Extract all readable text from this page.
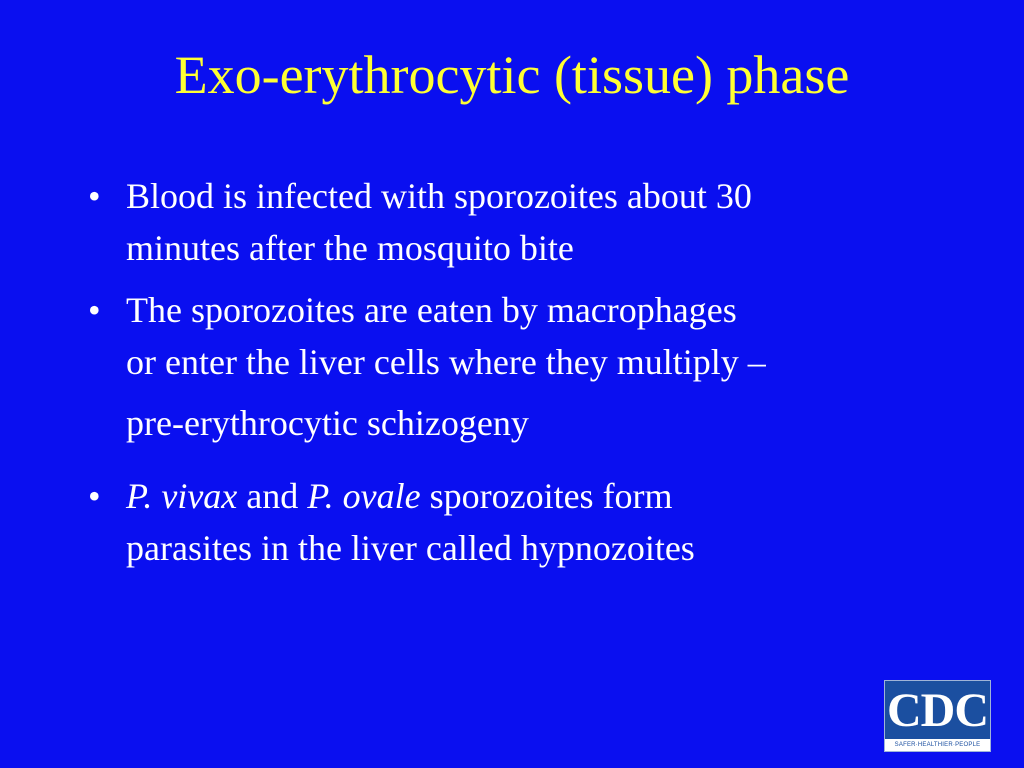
Exo-erythrocytic (tissue) phase
• Blood is infected with sporozoites about 30
minutes after the mosquito bite
• The sporozoites are eaten by macrophages
or enter the liver cells where they multiply –
pre-erythrocytic schizogeny
• P. vivax and P. ovale sporozoites form
parasites in the liver called hypnozoites
CDC
SAFER·HEALTHIER·PEOPLE
